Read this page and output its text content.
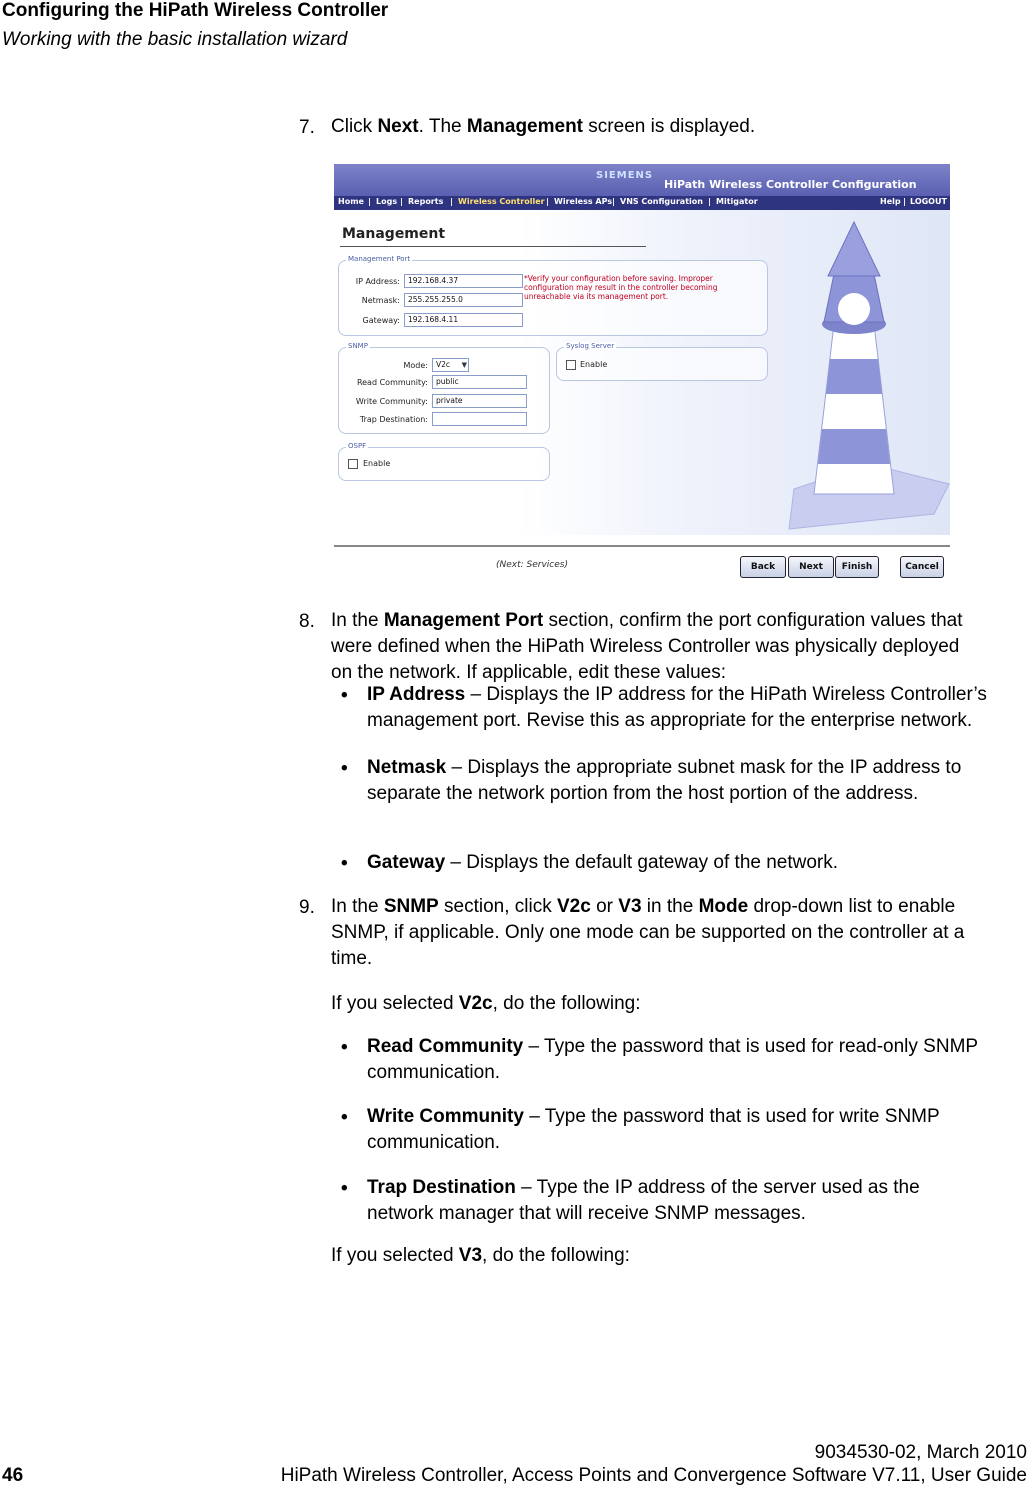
Configuring the HiPath Wireless Controller
Working with the basic installation wizard
7. Click Next. The Management screen is displayed.
SIEMENS
HiPath Wireless Controller Configuration
Home | Logs | Reports | Wireless Controller | Wireless APs | VNS Configuration | Mitigator	Help | LOGOUT
Management
Management Port
IP Address:	192.168.4.37
Netmask:	255.255.255.0
Gateway:	192.168.4.11
*Verify your configuration before saving. Improper configuration may result in the controller becoming unreachable via its management port.
SNMP
Mode:	V2c ▼
Read Community:	public
Write Community:	private
Trap Destination:
Syslog Server
Enable
OSPF
Enable
(Next: Services)	Back	Next	Finish	Cancel
8. In the Management Port section, confirm the port configuration values that
were defined when the HiPath Wireless Controller was physically deployed
on the network. If applicable, edit these values:
• IP Address – Displays the IP address for the HiPath Wireless Controller’s
management port. Revise this as appropriate for the enterprise network.
• Netmask – Displays the appropriate subnet mask for the IP address to
separate the network portion from the host portion of the address.
• Gateway – Displays the default gateway of the network.
9. In the SNMP section, click V2c or V3 in the Mode drop-down list to enable
SNMP, if applicable. Only one mode can be supported on the controller at a
time.
If you selected V2c, do the following:
• Read Community – Type the password that is used for read-only SNMP
communication.
• Write Community – Type the password that is used for write SNMP
communication.
• Trap Destination – Type the IP address of the server used as the
network manager that will receive SNMP messages.
If you selected V3, do the following:
9034530-02, March 2010
46	HiPath Wireless Controller, Access Points and Convergence Software V7.11, User Guide
